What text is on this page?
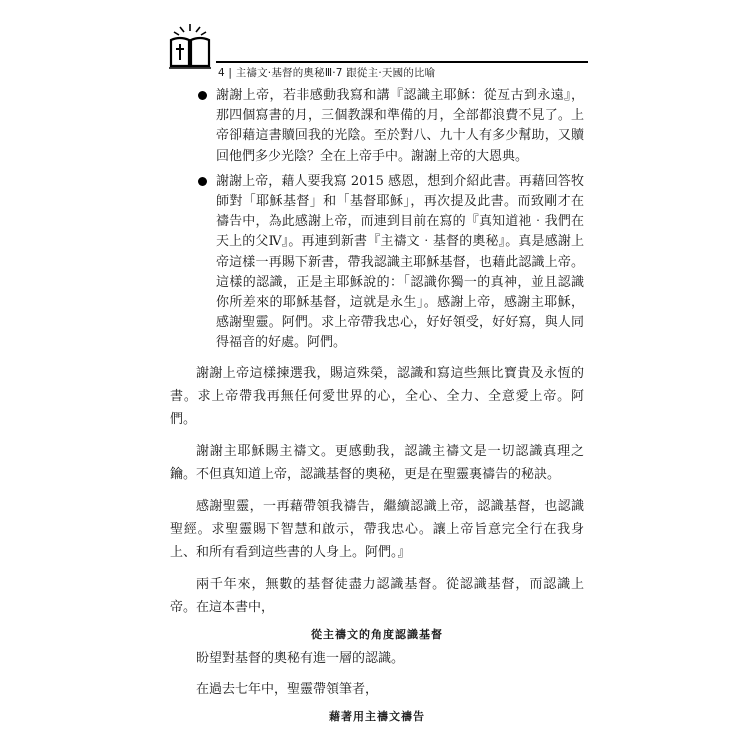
4 | 主禱文‧基督的奧秘Ⅲ‧7 跟從主‧天國的比喻
謝謝上帝，若非感動我寫和講『認識主耶穌：從亙古到永遠』，那四個寫書的月，三個教課和準備的月，全部都浪費不見了。上帝卻藉這書贖回我的光陰。至於對八、九十人有多少幫助，又贖回他們多少光陰？全在上帝手中。謝謝上帝的大恩典。
謝謝上帝，藉人要我寫 2015 感恩，想到介紹此書。再藉回答牧師對「耶穌基督」和「基督耶穌」，再次提及此書。而致剛才在禱告中，為此感謝上帝，而連到目前在寫的『真知道祂‧我們在天上的父Ⅳ』。再連到新書『主禱文‧基督的奧秘』。真是感謝上帝這樣一再賜下新書，帶我認識主耶穌基督，也藉此認識上帝。這樣的認識，正是主耶穌說的：「認識你獨一的真神，並且認識你所差來的耶穌基督，這就是永生」。感謝上帝，感謝主耶穌，感謝聖靈。阿們。求上帝帶我忠心，好好領受，好好寫，與人同得福音的好處。阿們。

謝謝上帝這樣揀選我，賜這殊榮，認識和寫這些無比寶貴及永恆的書。求上帝帶我再無任何愛世界的心，全心、全力、全意愛上帝。阿們。

謝謝主耶穌賜主禱文。更感動我，認識主禱文是一切認識真理之鑰。不但真知道上帝，認識基督的奧秘，更是在聖靈裏禱告的秘訣。

感謝聖靈，一再藉帶領我禱告，繼續認識上帝，認識基督，也認識聖經。求聖靈賜下智慧和啟示，帶我忠心。讓上帝旨意完全行在我身上、和所有看到這些書的人身上。阿們。』

兩千年來，無數的基督徒盡力認識基督。從認識基督，而認識上帝。在這本書中，

從主禱文的角度認識基督

盼望對基督的奧秘有進一層的認識。

在過去七年中，聖靈帶領筆者，

藉著用主禱文禱告
